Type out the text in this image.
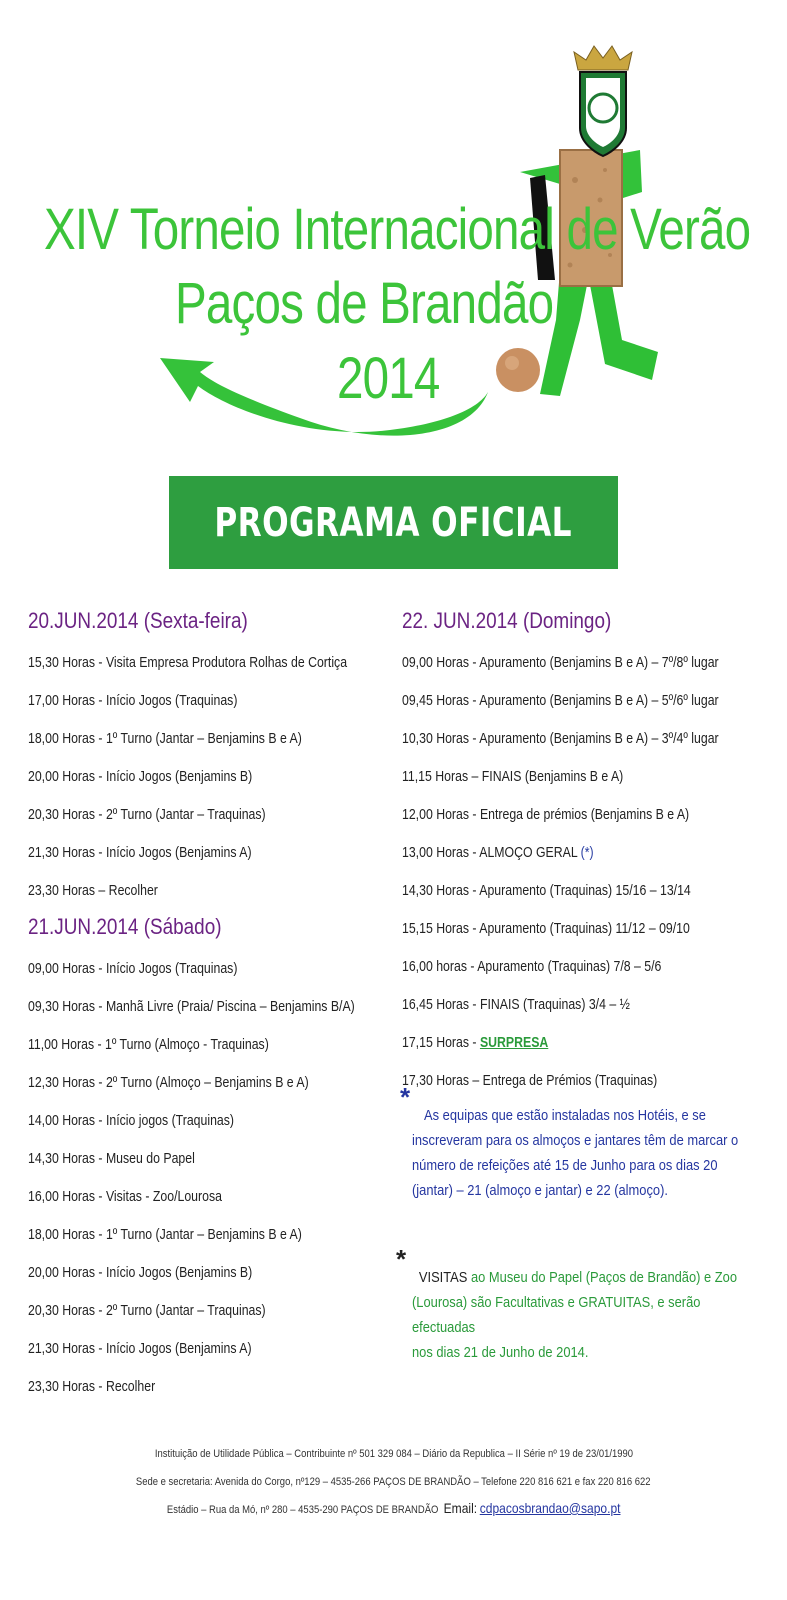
XIV Torneio Internacional de Verão
Paços de Brandão
2014
PROGRAMA OFICIAL
20.JUN.2014 (Sexta-feira)
15,30 Horas - Visita Empresa Produtora Rolhas de Cortiça
17,00 Horas - Início Jogos (Traquinas)
18,00 Horas - 1º Turno (Jantar – Benjamins B e A)
20,00 Horas - Início Jogos (Benjamins B)
20,30 Horas - 2º Turno (Jantar – Traquinas)
21,30 Horas - Início Jogos (Benjamins A)
23,30 Horas – Recolher
21.JUN.2014 (Sábado)
09,00 Horas - Início Jogos (Traquinas)
09,30 Horas - Manhã Livre (Praia/ Piscina – Benjamins B/A)
11,00 Horas - 1º Turno (Almoço - Traquinas)
12,30 Horas - 2º Turno (Almoço – Benjamins B e A)
14,00 Horas - Início jogos (Traquinas)
14,30 Horas - Museu do Papel
16,00 Horas - Visitas - Zoo/Lourosa
18,00 Horas - 1º Turno (Jantar – Benjamins B e A)
20,00 Horas - Início Jogos (Benjamins B)
20,30 Horas - 2º Turno (Jantar – Traquinas)
21,30 Horas - Início Jogos (Benjamins A)
23,30 Horas - Recolher
22. JUN.2014 (Domingo)
09,00 Horas - Apuramento (Benjamins B e A) – 7º/8º lugar
09,45 Horas - Apuramento (Benjamins B e A) – 5º/6º lugar
10,30 Horas - Apuramento (Benjamins B e A) – 3º/4º lugar
11,15 Horas – FINAIS (Benjamins B e A)
12,00 Horas - Entrega de prémios (Benjamins B e A)
13,00 Horas - ALMOÇO GERAL (*)
14,30 Horas - Apuramento (Traquinas) 15/16 – 13/14
15,15 Horas - Apuramento (Traquinas) 11/12 – 09/10
16,00 horas - Apuramento (Traquinas) 7/8 – 5/6
16,45 Horas - FINAIS (Traquinas) 3/4 – ½
17,15 Horas - SURPRESA
17,30 Horas – Entrega de Prémios (Traquinas)
*
As equipas que estão instaladas nos Hotéis, e se
inscreveram para os almoços e jantares têm de marcar o
número de refeições até 15 de Junho para os dias 20
(jantar) – 21 (almoço e jantar) e 22 (almoço).
*
VISITAS ao Museu do Papel (Paços de Brandão) e Zoo
(Lourosa) são Facultativas e GRATUITAS, e serão efectuadas
nos dias 21 de Junho de 2014.
Instituição de Utilidade Pública – Contribuinte nº 501 329 084 – Diário da Republica – II Série nº 19 de 23/01/1990
Sede e secretaria: Avenida do Corgo, nº129 – 4535-266 PAÇOS DE BRANDÃO – Telefone 220 816 621 e fax 220 816 622
Estádio – Rua da Mó, nº 280 – 4535-290 PAÇOS DE BRANDÃO Email: cdpacosbrandao@sapo.pt
